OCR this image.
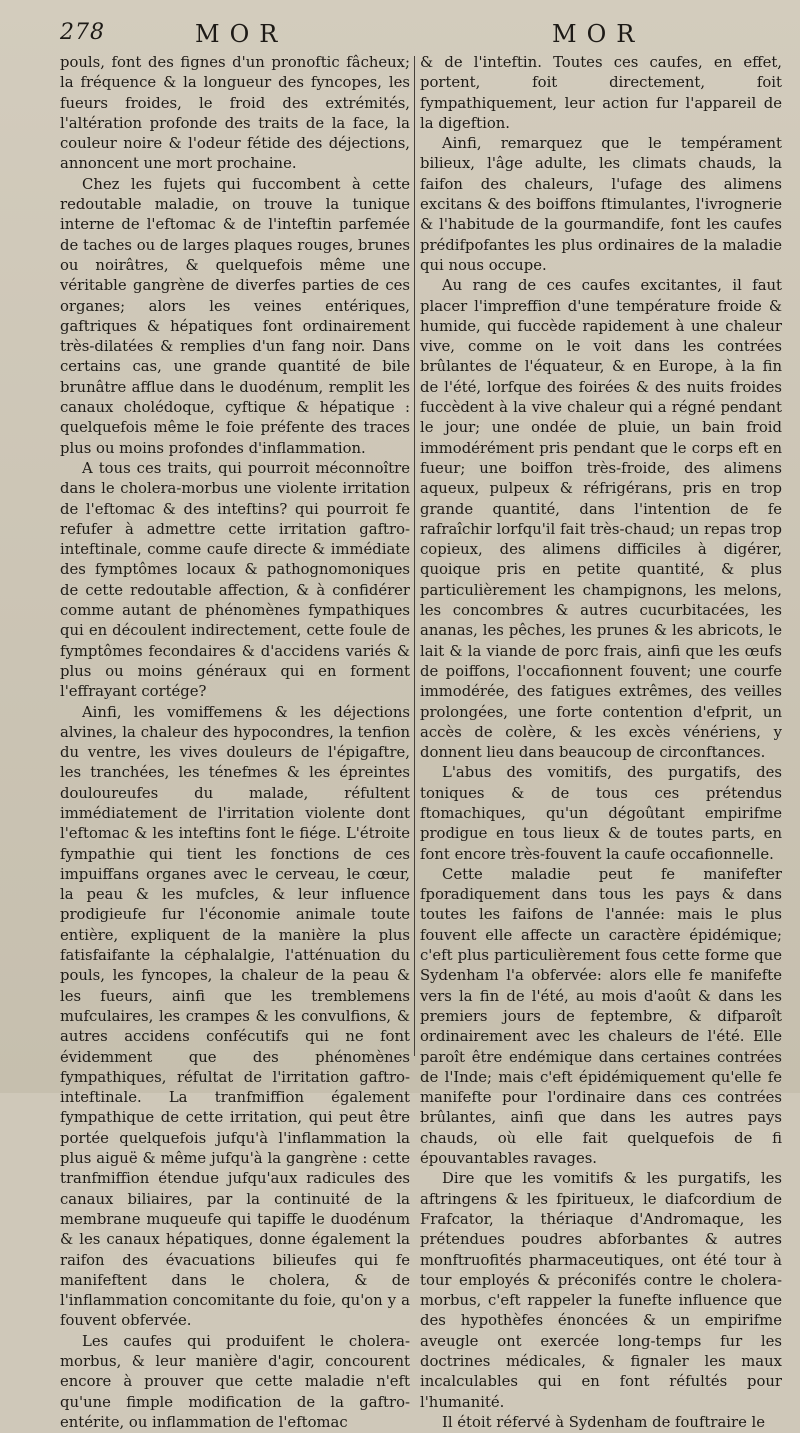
278	MOR	MOR

pouls, font des fignes d'un pronoftic fâcheux; la fréquence & la longueur des fyncopes, les fueurs froides, le froid des extrémités, l'altération profonde des traits de la face, la couleur noire & l'odeur fétide des déjections, annoncent une mort prochaine.

Chez les fujets qui fuccombent à cette redoutable maladie, on trouve la tunique interne de l'eftomac & de l'inteftin parfemée de taches ou de larges plaques rouges, brunes ou noirâtres, & quelquefois même une véritable gangrène de diverfes parties de ces organes; alors les veines entériques, gaftriques & hépatiques font ordinairement très-dilatées & remplies d'un fang noir. Dans certains cas, une grande quantité de bile brunâtre afflue dans le duodénum, remplit les canaux cholédoque, cyftique & hépatique : quelquefois même le foie préfente des traces plus ou moins profondes d'inflammation.

A tous ces traits, qui pourroit méconnoître dans le cholera-morbus une violente irritation de l'eftomac & des inteftins? qui pourroit fe refufer à admettre cette irritation gaftro-inteftinale, comme caufe directe & immédiate des fymptômes locaux & pathognomoniques de cette redoutable affection, & à confidérer comme autant de phénomènes fympathiques qui en découlent indirectement, cette foule de fymptômes fecondaires & d'accidens variés & plus ou moins généraux qui en forment l'effrayant cortége?

Ainfi, les vomiffemens & les déjections alvines, la chaleur des hypocondres, la tenfion du ventre, les vives douleurs de l'épigaftre, les tranchées, les ténefmes & les épreintes douloureufes du malade, réfultent immédiatement de l'irritation violente dont l'eftomac & les inteftins font le fiége. L'étroite fympathie qui tient les fonctions de ces impuiffans organes avec le cerveau, le cœur, la peau & les mufcles, & leur influence prodigieufe fur l'économie animale toute entière, expliquent de la manière la plus fatisfaifante la céphalalgie, l'atténuation du pouls, les fyncopes, la chaleur de la peau & les fueurs, ainfi que les tremblemens mufculaires, les crampes & les convulfions, & autres accidens confécutifs qui ne font évidemment que des phénomènes fympathiques, réfultat de l'irritation gaftro-inteftinale. La tranfmiffion également fympathique de cette irritation, qui peut être portée quelquefois jufqu'à l'inflammation la plus aiguë & même jufqu'à la gangrène : cette tranfmiffion étendue jufqu'aux radicules des canaux biliaires, par la continuité de la membrane muqueufe qui tapiffe le duodénum & les canaux hépatiques, donne également la raifon des évacuations bilieufes qui fe manifeftent dans le cholera, & de l'inflammation concomitante du foie, qu'on y a fouvent obfervée.

Les caufes qui produifent le cholera-morbus, & leur manière d'agir, concourent encore à prouver que cette maladie n'eft qu'une fimple modification de la gaftro-entérite, ou inflammation de l'eftomac

& de l'inteftin. Toutes ces caufes, en effet, portent, foit directement, foit fympathiquement, leur action fur l'appareil de la digeftion.

Ainfi, remarquez que le tempérament bilieux, l'âge adulte, les climats chauds, la faifon des chaleurs, l'ufage des alimens excitans & des boiffons ftimulantes, l'ivrognerie & l'habitude de la gourmandife, font les caufes prédifpofantes les plus ordinaires de la maladie qui nous occupe.

Au rang de ces caufes excitantes, il faut placer l'impreffion d'une température froide & humide, qui fuccède rapidement à une chaleur vive, comme on le voit dans les contrées brûlantes de l'équateur, & en Europe, à la fin de l'été, lorfque des foirées & des nuits froides fuccèdent à la vive chaleur qui a régné pendant le jour; une ondée de pluie, un bain froid immodérément pris pendant que le corps eft en fueur; une boiffon très-froide, des alimens aqueux, pulpeux & réfrigérans, pris en trop grande quantité, dans l'intention de fe rafraîchir lorfqu'il fait très-chaud; un repas trop copieux, des alimens difficiles à digérer, quoique pris en petite quantité, & plus particulièrement les champignons, les melons, les concombres & autres cucurbitacées, les ananas, les pêches, les prunes & les abricots, le lait & la viande de porc frais, ainfi que les œufs de poiffons, l'occafionnent fouvent; une courfe immodérée, des fatigues extrêmes, des veilles prolongées, une forte contention d'efprit, un accès de colère, & les excès vénériens, y donnent lieu dans beaucoup de circonftances.

L'abus des vomitifs, des purgatifs, des toniques & de tous ces prétendus ftomachiques, qu'un dégoûtant empirifme prodigue en tous lieux & de toutes parts, en font encore très-fouvent la caufe occafionnelle.

Cette maladie peut fe manifefter fporadiquement dans tous les pays & dans toutes les faifons de l'année: mais le plus fouvent elle affecte un caractère épidémique; c'eft plus particulièrement fous cette forme que Sydenham l'a obfervée: alors elle fe manifefte vers la fin de l'été, au mois d'août & dans les premiers jours de feptembre, & difparoît ordinairement avec les chaleurs de l'été. Elle paroît être endémique dans certaines contrées de l'Inde; mais c'eft épidémiquement qu'elle fe manifefte pour l'ordinaire dans ces contrées brûlantes, ainfi que dans les autres pays chauds, où elle fait quelquefois de fi épouvantables ravages.

Dire que les vomitifs & les purgatifs, les aftringens & les fpiritueux, le diafcordium de Frafcator, la thériaque d'Andromaque, les prétendues poudres abforbantes & autres monftruofités pharmaceutiques, ont été tour à tour employés & préconifés contre le cholera-morbus, c'eft rappeler la funefte influence que des hypothèfes énoncées & un empirifme aveugle ont exercée long-temps fur les doctrines médicales, & fignaler les maux incalculables qui en font réfultés pour l'humanité.

Il étoit réfervé à Sydenham de fouftraire le
